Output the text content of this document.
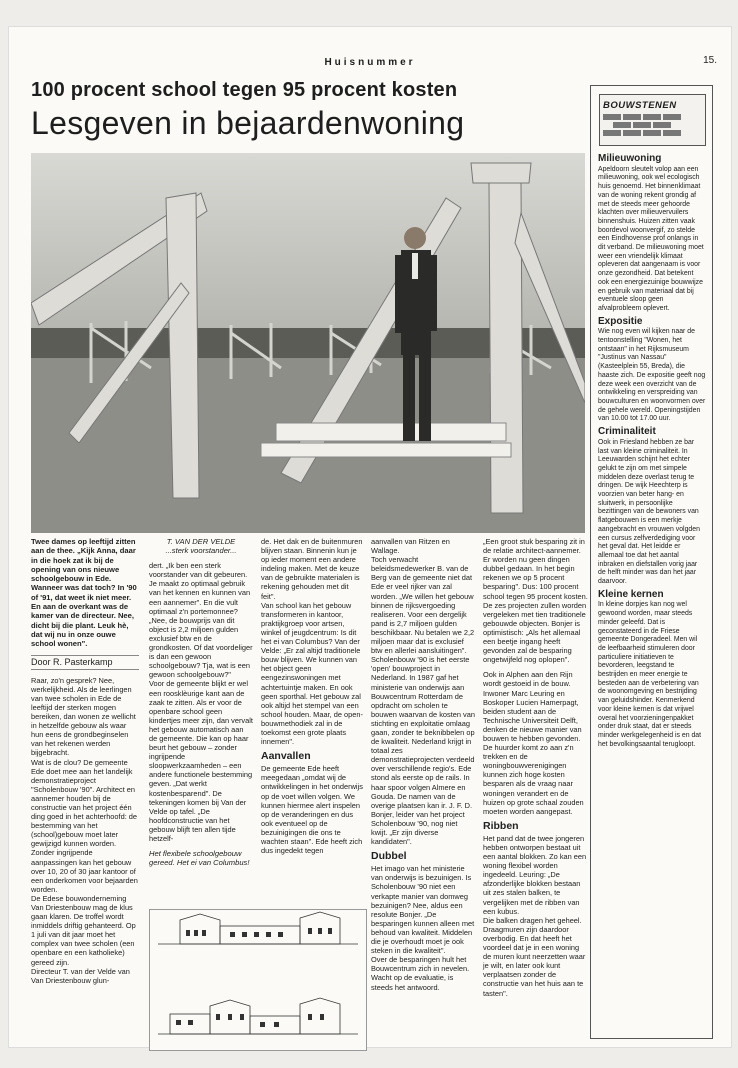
Huisnummer	15.
100 procent school tegen 95 procent kosten
Lesgeven in bejaardenwoning

Twee dames op leeftijd zitten aan de thee. „Kijk Anna, daar in die hoek zat ik bij de opening van ons nieuwe schoolgebouw in Ede. Wanneer was dat toch? In '90 of '91, dat weet ik niet meer. En aan de overkant was de kamer van de directeur. Nee, dicht bij die plant. Leuk hè, dat wij nu in onze ouwe school wonen".

Door R. Pasterkamp

Raar, zo'n gesprek? Nee, werkelijkheid. Als de leerlingen van twee scholen in Ede de leeftijd der sterken mogen bereiken, dan wonen ze wellicht in hetzelfde gebouw als waar hun eens de grondbeginselen van het rekenen werden bijgebracht.
Wat is de clou? De gemeente Ede doet mee aan het landelijk demonstratieproject "Scholenbouw '90". Architect en aannemer houden bij de constructie van het project één ding goed in het achterhoofd: de bestemming van het (school)gebouw moet later gewijzigd kunnen worden. Zonder ingrijpende aanpassingen kan het gebouw over 10, 20 of 30 jaar kantoor of een onderkomen voor bejaarden worden.
De Edese bouwonderneming Van Driestenbouw mag de klus gaan klaren. De troffel wordt inmiddels driftig gehanteerd. Op 1 juli van dit jaar moet het complex van twee scholen (een openbare en een katholieke) gereed zijn.
Directeur T. van der Velde van Van Driestenbouw glun-

T. VAN DER VELDE
...sterk voorstander...

dert. „Ik ben een sterk voorstander van dit gebeuren. Je maakt zo optimaal gebruik van het kennen en kunnen van een aannemer". En die vult optimaal z'n portemonnee? „Nee, de bouwprijs van dit object is 2,2 miljoen gulden exclusief btw en de grondkosten. Of dat voordeliger is dan een gewoon schoolgebouw? Tja, wat is een gewoon schoolgebouw?"
Voor de gemeente blijkt er wel een roosklèurige kant aan de zaak te zitten. Als er voor de openbare school geen kindertjes meer zijn, dan vervalt het gebouw automatisch aan de gemeente. Die kan op haar beurt het gebouw – zonder ingrijpende sloopwerkzaamheden – een andere functionele bestemming geven. „Dat werkt kostenbesparend". De tekeningen komen bij Van der Velde op tafel. „De hoofdconstructie van het gebouw blijft ten allen tijde hetzelf-

Het flexibele schoolgebouw gereed. Het ei van Columbus!

de. Het dak en de buitenmuren blijven staan. Binnenin kun je op ieder moment een andere indeling maken. Met de keuze van de gebruikte materialen is rekening gehouden met dit feit".
Van school kan het gebouw transformeren in kantoor, praktijkgroep voor artsen, winkel of jeugdcentrum: Is dit het ei van Columbus? Van der Velde: „Er zal altijd traditionele bouw blijven. We kunnen van het object geen eengezinswoningen met achtertuintje maken. En ook geen sporthal. Het gebouw zal ook altijd het stempel van een school houden. Maar, de open-bouwmethodiek zal in de toekomst een grote plaats innemen".

Aanvallen

De gemeente Ede heeft meegedaan „omdat wij de ontwikkelingen in het onderwijs op de voet willen volgen. We kunnen hiermee alert inspelen op de veranderingen en dus ook eventueel op de bezuinigingen die ons te wachten staan". Ede heeft zich dus ingedekt tegen

aanvallen van Ritzen en Wallage.
Toch verwacht beleidsmedewerker B. van de Berg van de gemeente niet dat Ede er veel rijker van zal worden. „We willen het gebouw binnen de rijksvergoeding realiseren. Voor een dergelijk pand is 2,7 miljoen gulden beschikbaar. Nu betalen we 2,2 miljoen maar dat is exclusief btw en allerlei aansluitingen".
Scholenbouw '90 is het eerste 'open' bouwproject in Nederland. In 1987 gaf het ministerie van onderwijs aan Bouwcentrum Rotterdam de opdracht om scholen te bouwen waarvan de kosten van stichting en exploitatie omlaag gaan, zonder te beknibbelen op de kwaliteit. Nederland krijgt in totaal zes demonstratieprojecten verdeeld over verschillende regio's. Ede stond als eerste op de rails. In haar spoor volgen Almere en Gouda. De namen van de overige plaatsen kan ir. J. F. D. Bonjer, leider van het project Scholenbouw '90, nog niet kwijt. „Er zijn diverse kandidaten".

Dubbel

Het imago van het ministerie van onderwijs is bezuinigen. Is Scholenbouw '90 niet een verkapte manier van domweg bezuinigen? Nee, aldus een resolute Bonjer. „De besparingen kunnen alleen met behoud van kwaliteit. Middelen die je overhoudt moet je ook steken in die kwaliteit".
Over de besparingen hult het Bouwcentrum zich in nevelen. Wacht op de evaluatie, is steeds het antwoord.

„Een groot stuk besparing zit in de relatie architect-aannemer. Er worden nu geen dingen dubbel gedaan. In het begin rekenen we op 5 procent besparing". Dus: 100 procent school tegen 95 procent kosten. De zes projecten zullen worden vergeleken met tien traditionele gebouwde objecten. Bonjer is optimistisch: „Als het allemaal een beetje ingang heeft gevonden zal de besparing ongetwijfeld nog oplopen".

Ook in Alphen aan den Rijn wordt gestoeid in de bouw. Inwoner Marc Leuring en Boskoper Lucien Hamerpagt, beiden student aan de Technische Universiteit Delft, denken de nieuwe manier van bouwen te hebben gevonden. De huurder komt zo aan z'n trekken en de woningbouwverenigingen kunnen zich hoge kosten besparen als de vraag naar woningen verandert en de huizen op grote schaal zouden moeten worden aangepast.

Ribben

Het pand dat de twee jongeren hebben ontworpen bestaat uit een aantal blokken. Zo kan een woning flexibel worden ingedeeld. Leuring: „De afzonderlijke blokken bestaan uit zes stalen balken, te vergelijken met de ribben van een kubus.
Die balken dragen het geheel. Draagmuren zijn daardoor overbodig. En dat heeft het voordeel dat je in een woning de muren kunt neerzetten waar je wilt, en later ook kunt verplaatsen zonder de constructie van het huis aan te tasten".

BOUWSTENEN
Milieuwoning

Apeldoorn sleutelt volop aan een milieuwoning, ook wel ecologisch huis genoemd. Het binnenklimaat van de woning rekent grondig af met de steeds meer gehoorde klachten over milieuvervuilers binnenshuis. Huizen zitten vaak boordevol woonvergif, zo stelde een Eindhovense prof onlangs in dit verband. De milieuwoning moet weer een vriendelijk klimaat opleveren dat aangenaam is voor onze gezondheid. Dat betekent ook een energiezuinige bouwwijze en gebruik van materiaal dat bij eventuele sloop geen afvalprobleem oplevert.

Expositie

Wie nog even wil kijken naar de tentoonstelling "Wonen, het ontstaan" in het Rijksmuseum "Justinus van Nassau" (Kasteelplein 55, Breda), die haaste zich. De expositie geeft nog deze week een overzicht van de ontwikkeling en verspreiding van bouwculturen en woonvormen over de gehele wereld. Openingstijden van 10.00 tot 17.00 uur.

Criminaliteit

Ook in Friesland hebben ze bar last van kleine criminaliteit. In Leeuwarden schijnt het echter gelukt te zijn om met simpele middelen deze overlast terug te dringen. De wijk Heechterp is voorzien van beter hang- en sluitwerk, in persoonlijke bezittingen van de bewoners van flatgebouwen is een merkje aangebracht en vrouwen volgden een cursus zelfverdediging voor het geval dat. Het leidde er allemaal toe dat het aantal inbraken en diefstallen vorig jaar de helft minder was dan het jaar daarvoor.

Kleine kernen

In kleine dorpjes kan nog wel gewoond worden, maar steeds minder geleefd. Dat is geconstateerd in de Friese gemeente Dongeradeel. Men wil de leefbaarheid stimuleren door particuliere initiatieven te bevorderen, leegstand te bestrijden en meer energie te besteden aan de verbetering van de woonomgeving en bestrijding van geluidshinder. Kenmerkend voor kleine kernen is dat vrijwel overal het voorzieningenpakket onder druk staat, dat er steeds minder werkgelegenheid is en dat het bevolkingsaantal terugloopt.
